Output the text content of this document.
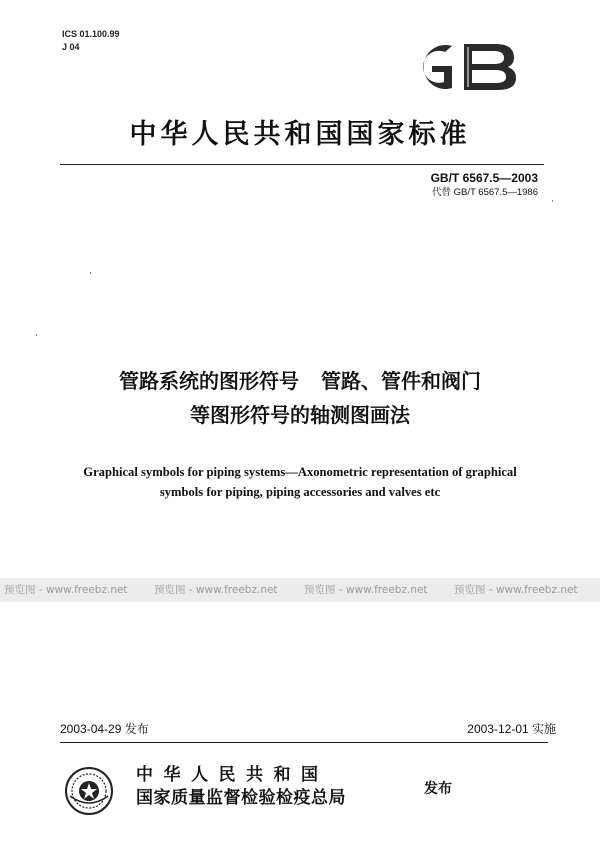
ICS 01.100.99
J 04
中华人民共和国国家标准
GB/T 6567.5—2003
代替 GB/T 6567.5—1986
管路系统的图形符号 管路、管件和阀门
等图形符号的轴测图画法
Graphical symbols for piping systems—Axonometric representation of graphical
symbols for piping, piping accessories and valves etc
预览图 - www.freebz.net	预览图 - www.freebz.net	预览图 - www.freebz.net	预览图 - www.freebz.net
2003-04-29 发布	2003-12-01 实施
中华人民共和国
国家质量监督检验检疫总局	发布
